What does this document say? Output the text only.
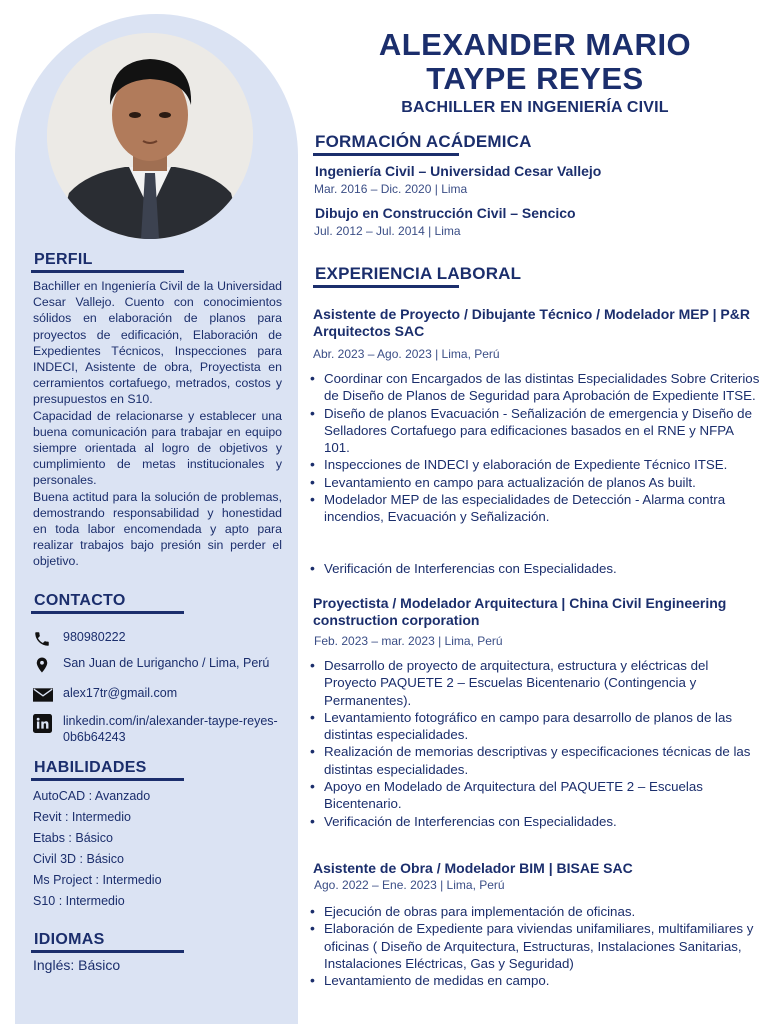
PERFIL

Bachiller en Ingeniería Civil de la Universidad Cesar Vallejo. Cuento con conocimientos sólidos en elaboración de planos para proyectos de edificación, Elaboración de Expedientes Técnicos, Inspecciones para INDECI, Asistente de obra, Proyectista en cerramientos cortafuego, metrados, costos y presupuestos en S10.

Capacidad de relacionarse y establecer una buena comunicación para trabajar en equipo siempre orientada al logro de objetivos y cumplimiento de metas institucionales y personales.

Buena actitud para la solución de problemas, demostrando responsabilidad y honestidad en toda labor encomendada y apto para realizar trabajos bajo presión sin perder el objetivo.

CONTACTO
980980222
San Juan de Lurigancho / Lima, Perú
alex17tr@gmail.com
linkedin.com/in/alexander-taype-reyes-0b6b64243
HABILIDADES
AutoCAD : Avanzado
Revit : Intermedio
Etabs : Básico
Civil 3D : Básico
Ms Project : Intermedio
S10 : Intermedio
IDIOMAS
Inglés: Básico
ALEXANDER MARIO
TAYPE REYES
BACHILLER EN INGENIERÍA CIVIL
FORMACIÓN ACÁDEMICA
Ingeniería Civil – Universidad Cesar Vallejo
Mar. 2016 – Dic. 2020 | Lima
Dibujo en Construcción Civil – Sencico
Jul. 2012 – Jul. 2014 | Lima
EXPERIENCIA LABORAL
Asistente de Proyecto / Dibujante Técnico / Modelador MEP | P&R Arquitectos SAC
Abr. 2023 – Ago. 2023 | Lima, Perú
• Coordinar con Encargados de las distintas Especialidades Sobre Criterios de Diseño de Planos de Seguridad para Aprobación de Expediente ITSE.
• Diseño de planos Evacuación - Señalización de emergencia y Diseño de Selladores Cortafuego para edificaciones basados en el RNE y NFPA 101.
• Inspecciones de INDECI y elaboración de Expediente Técnico ITSE.
• Levantamiento en campo para actualización de planos As built.
• Modelador MEP de las especialidades de Detección - Alarma contra incendios, Evacuación y Señalización.
• Verificación de Interferencias con Especialidades.
Proyectista / Modelador Arquitectura | China Civil Engineering construction corporation
Feb. 2023 – mar. 2023 | Lima, Perú
• Desarrollo de proyecto de arquitectura, estructura y eléctricas del Proyecto PAQUETE 2 – Escuelas Bicentenario (Contingencia y Permanentes).
• Levantamiento fotográfico en campo para desarrollo de planos de las distintas especialidades.
• Realización de memorias descriptivas y especificaciones técnicas de las distintas especialidades.
• Apoyo en Modelado de Arquitectura del PAQUETE 2 – Escuelas Bicentenario.
• Verificación de Interferencias con Especialidades.
Asistente de Obra / Modelador BIM | BISAE SAC
Ago. 2022 – Ene. 2023 | Lima, Perú
• Ejecución de obras para implementación de oficinas.
• Elaboración de Expediente para viviendas unifamiliares, multifamiliares y oficinas ( Diseño de Arquitectura, Estructuras, Instalaciones Sanitarias, Instalaciones Eléctricas, Gas y Seguridad)
• Levantamiento de medidas en campo.
